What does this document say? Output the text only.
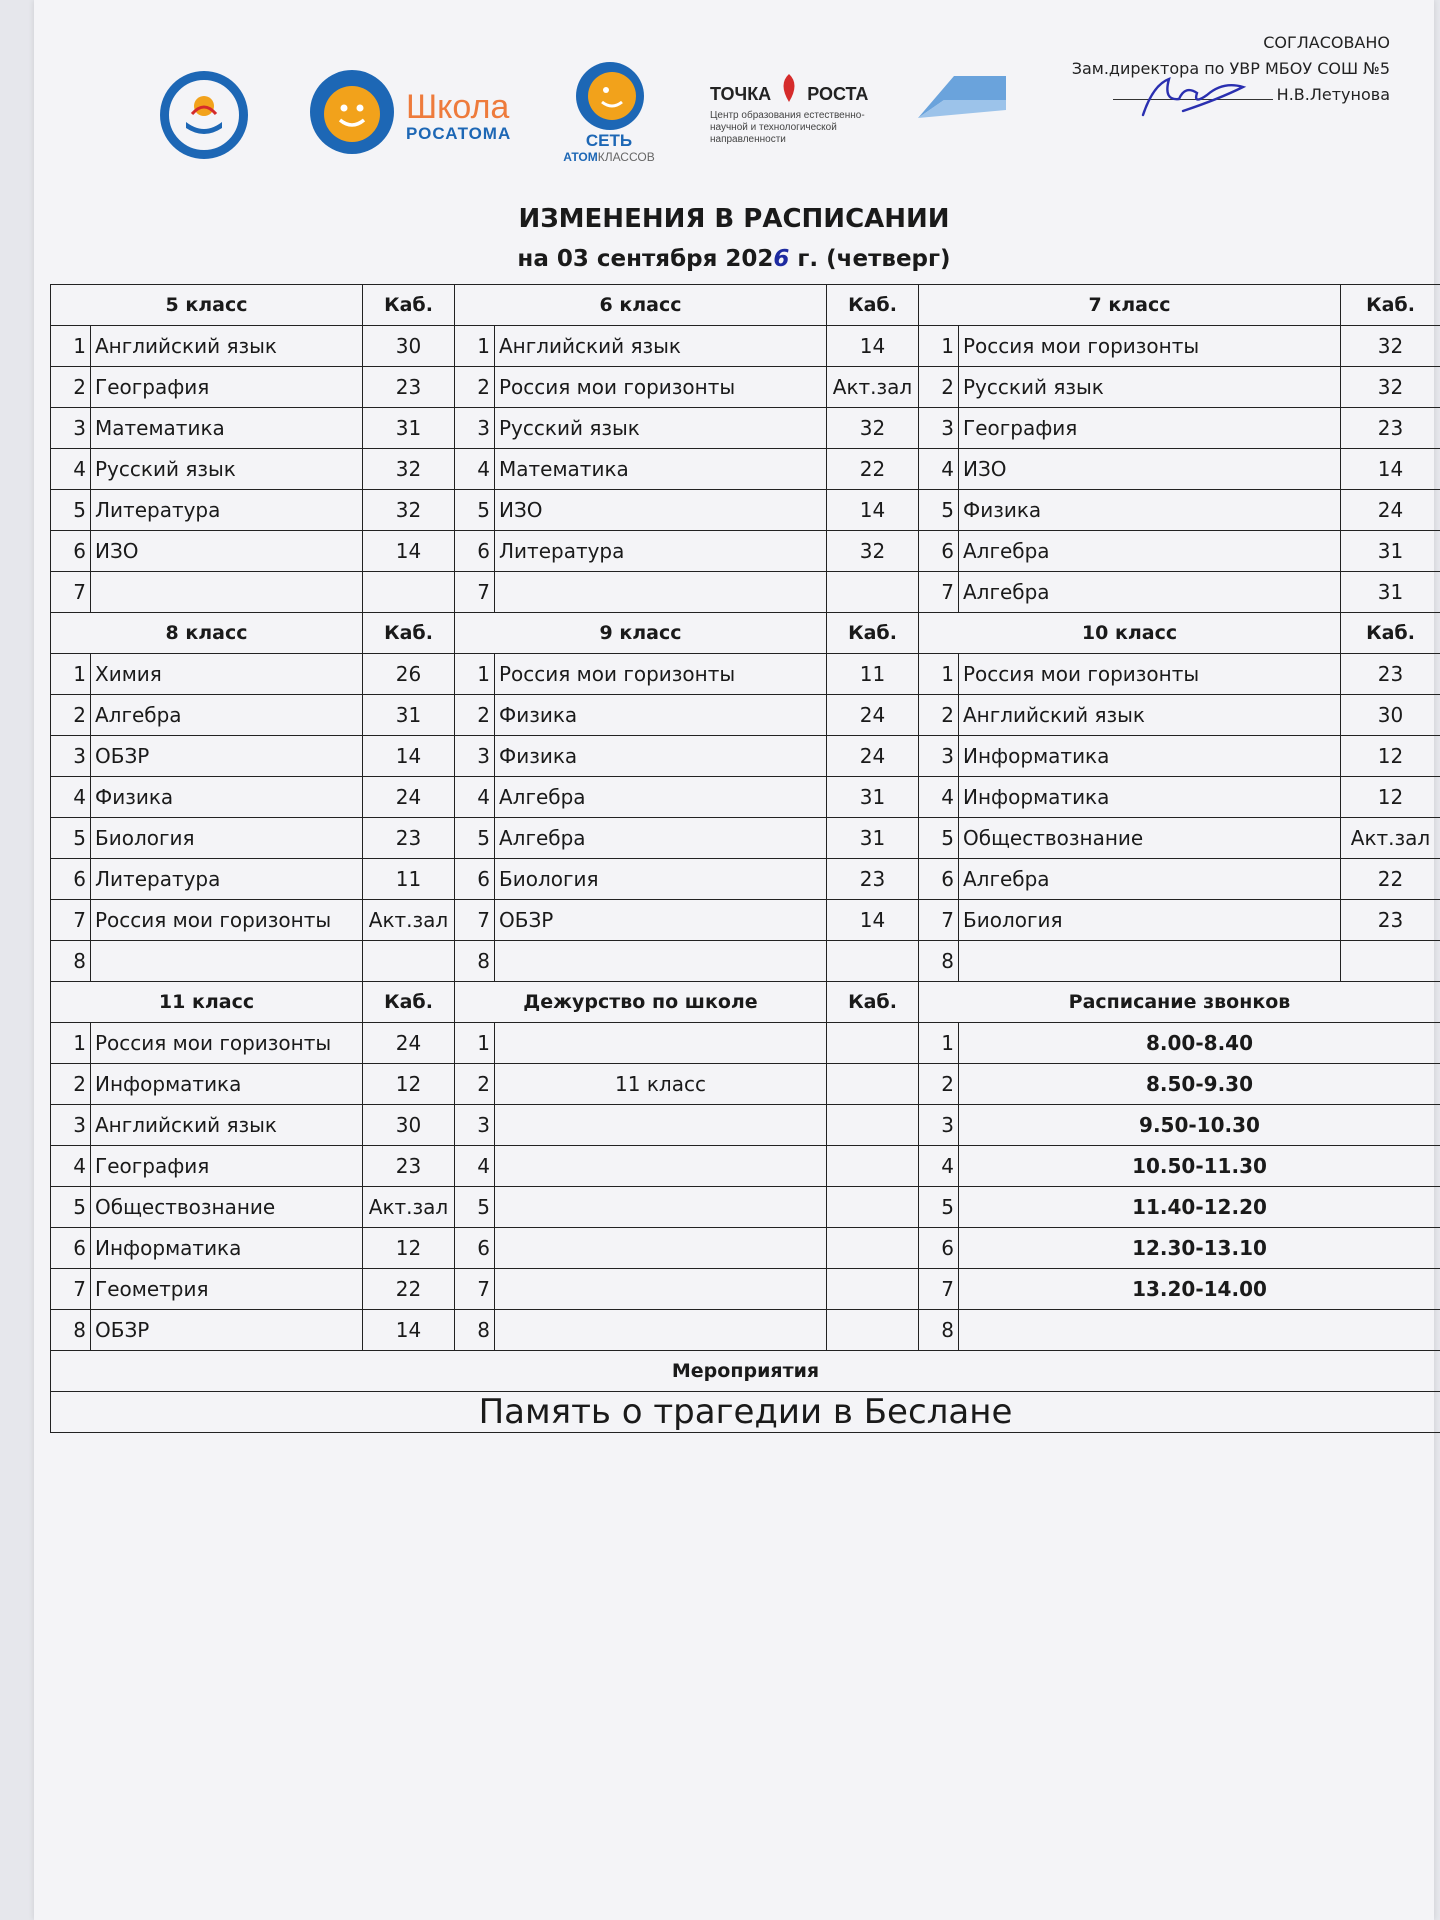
Школа
РОСАТОМА	СЕТЬ
АТОМКЛАССОВ
ТОЧКА РОСТА
Центр образования естественно-
научной и технологической
направленности
СОГЛАСОВАНО
Зам.директора по УВР МБОУ СОШ №5
Н.В.Летунова
ИЗМЕНЕНИЯ В РАСПИСАНИИ
на 03 сентября 2026 г. (четверг)
5 класс		Каб.	6 класс		Каб.	7 класс		Каб.
1	Английский язык	30	1	Английский язык	14	1	Россия мои горизонты	32
2	География	23	2	Россия мои горизонты	Акт.зал	2	Русский язык	32
3	Математика	31	3	Русский язык	32	3	География	23
4	Русский язык	32	4	Математика	22	4	ИЗО	14
5	Литература	32	5	ИЗО	14	5	Физика	24
6	ИЗО	14	6	Литература	32	6	Алгебра	31
7			7			7	Алгебра	31
8 класс		Каб.	9 класс		Каб.	10 класс		Каб.
1	Химия	26	1	Россия мои горизонты	11	1	Россия мои горизонты	23
2	Алгебра	31	2	Физика	24	2	Английский язык	30
3	ОБЗР	14	3	Физика	24	3	Информатика	12
4	Физика	24	4	Алгебра	31	4	Информатика	12
5	Биология	23	5	Алгебра	31	5	Обществознание	Акт.зал
6	Литература	11	6	Биология	23	6	Алгебра	22
7	Россия мои горизонты	Акт.зал	7	ОБЗР	14	7	Биология	23
8			8			8		
11 класс		Каб.	Дежурство по школе		Каб.	Расписание звонков		
1	Россия мои горизонты	24	1			1	8.00-8.40	
2	Информатика	12	2	11 класс		2	8.50-9.30	
3	Английский язык	30	3			3	9.50-10.30	
4	География	23	4			4	10.50-11.30	
5	Обществознание	Акт.зал	5			5	11.40-12.20	
6	Информатика	12	6			6	12.30-13.10	
7	Геометрия	22	7			7	13.20-14.00	
8	ОБЗР	14	8			8		
Мероприятия								
Память о трагедии в Беслане								
